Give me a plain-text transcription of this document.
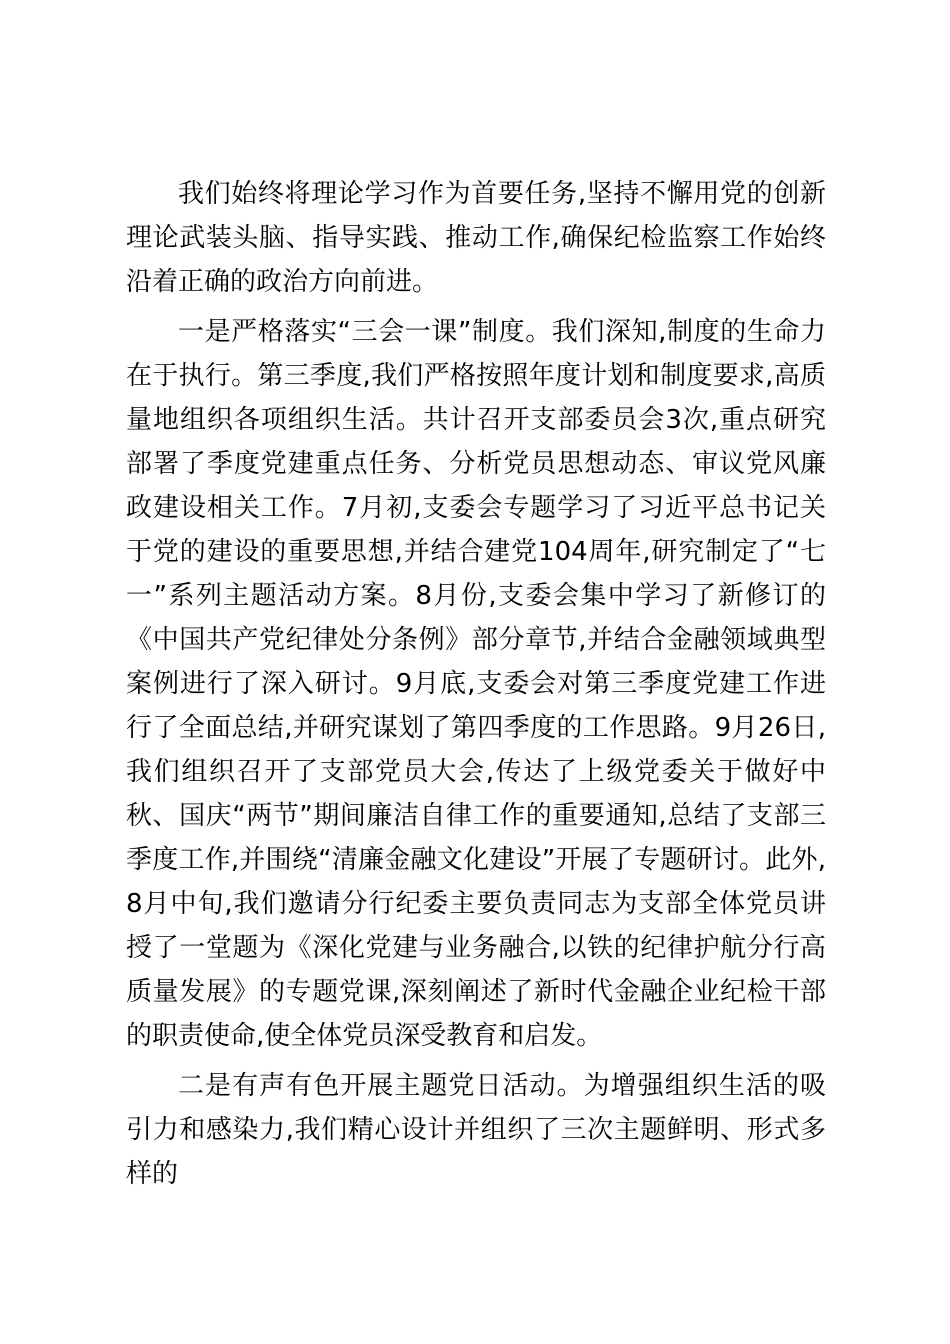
我们始终将理论学习作为首要任务,坚持不懈用党的创新理论武装头脑、指导实践、推动工作,确保纪检监察工作始终沿着正确的政治方向前进。

一是严格落实“三会一课”制度。我们深知,制度的生命力在于执行。第三季度,我们严格按照年度计划和制度要求,高质量地组织各项组织生活。共计召开支部委员会3次,重点研究部署了季度党建重点任务、分析党员思想动态、审议党风廉政建设相关工作。7月初,支委会专题学习了习近平总书记关于党的建设的重要思想,并结合建党104周年,研究制定了“七一”系列主题活动方案。8月份,支委会集中学习了新修订的《中国共产党纪律处分条例》部分章节,并结合金融领域典型案例进行了深入研讨。9月底,支委会对第三季度党建工作进行了全面总结,并研究谋划了第四季度的工作思路。9月26日,我们组织召开了支部党员大会,传达了上级党委关于做好中秋、国庆“两节”期间廉洁自律工作的重要通知,总结了支部三季度工作,并围绕“清廉金融文化建设”开展了专题研讨。此外,8月中旬,我们邀请分行纪委主要负责同志为支部全体党员讲授了一堂题为《深化党建与业务融合,以铁的纪律护航分行高质量发展》的专题党课,深刻阐述了新时代金融企业纪检干部的职责使命,使全体党员深受教育和启发。

二是有声有色开展主题党日活动。为增强组织生活的吸引力和感染力,我们精心设计并组织了三次主题鲜明、形式多样的
